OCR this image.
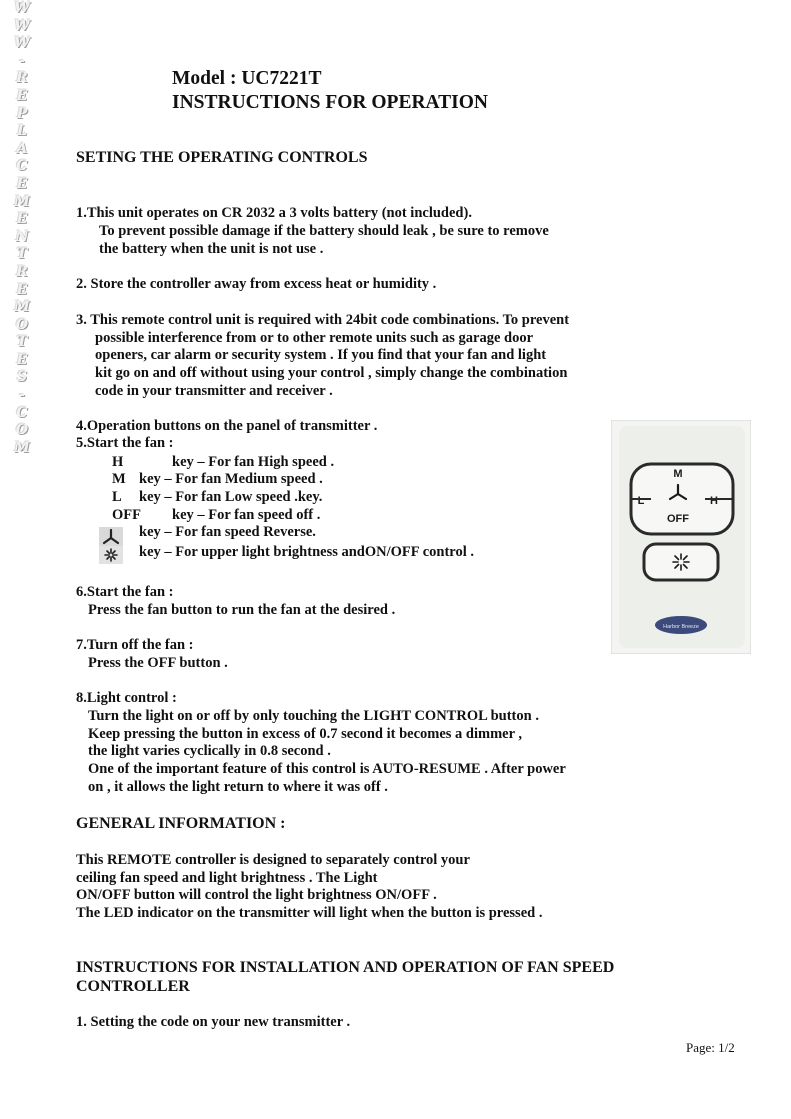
W
W
W
-
R
E
P
L
A
C
E
M
E
N
T
R
E
M
O
T
E
S
-
C
O
M
Model : UC7221T
INSTRUCTIONS FOR OPERATION
SETING THE OPERATING CONTROLS
1.This unit operates on CR 2032 a 3 volts battery (not included).
To prevent possible damage if the battery should leak , be sure to remove
the battery when the unit is not use .
2. Store the controller away from excess heat or humidity .
3. This remote control unit is required with 24bit code combinations. To prevent
possible interference from or to other remote units such as garage door
openers, car alarm or security system . If you find that your fan and light
kit go on and off without using your control , simply change the combination
code in your transmitter and receiver .
4.Operation buttons on the panel of transmitter .
5.Start the fan :
H	key – For fan High speed .
M key – For fan Medium speed .
L key – For fan Low speed .key.
OFF key – For fan speed off .
key – For fan speed Reverse.
key – For upper light brightness andON/OFF control .
6.Start the fan :
Press the fan button to run the fan at the desired .
7.Turn off the fan :
Press the OFF button .
8.Light control :
Turn the light on or off by only touching the LIGHT CONTROL button .
Keep pressing the button in excess of 0.7 second it becomes a dimmer ,
the light varies cyclically in 0.8 second .
One of the important feature of this control is AUTO-RESUME . After power
on , it allows the light return to where it was off .
GENERAL INFORMATION :
This REMOTE controller is designed to separately control your
ceiling fan speed and light brightness . The Light
ON/OFF button will control the light brightness ON/OFF .
The LED indicator on the transmitter will light when the button is pressed .
INSTRUCTIONS FOR INSTALLATION AND OPERATION OF FAN SPEED
CONTROLLER
1. Setting the code on your new transmitter .
Page: 1/2
M
L	H
OFF
Harbor Breeze
